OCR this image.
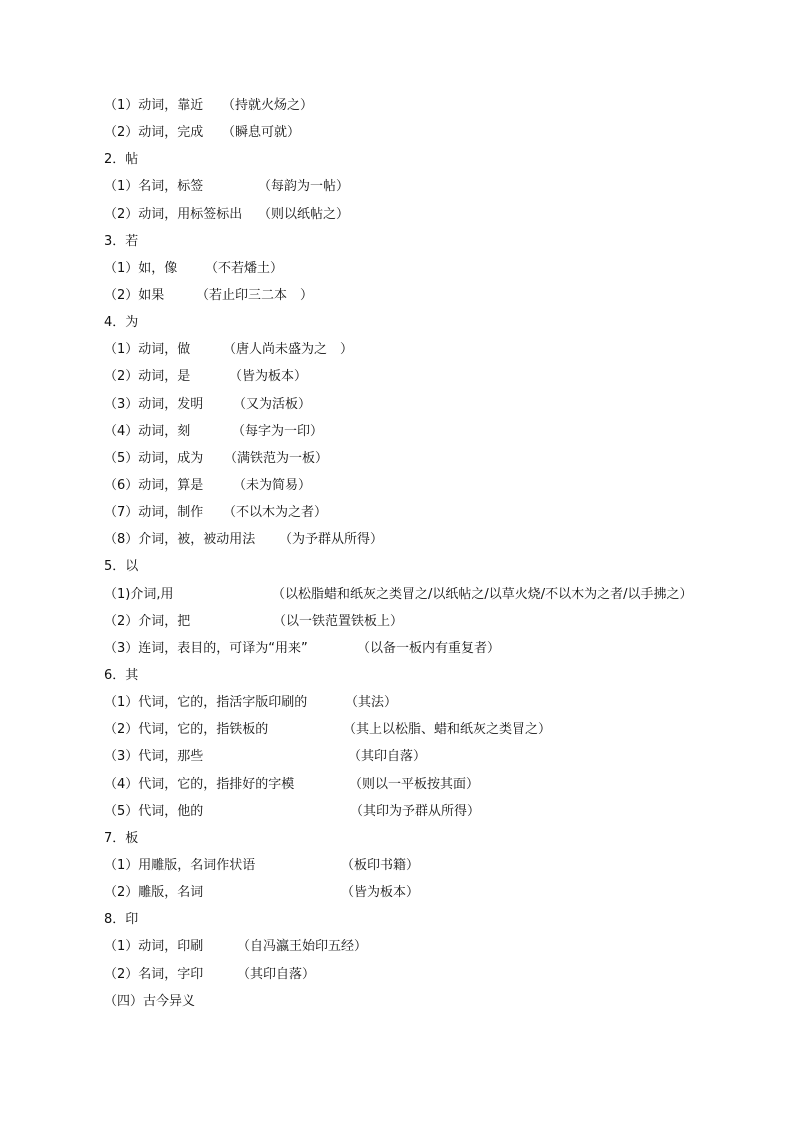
（1）动词，靠近 （持就火炀之）
（2）动词，完成 （瞬息可就）
2．帖
（1）名词，标签	（每韵为一帖）
（2）动词，用标签标出 （则以纸帖之）
3．若
（1）如，像 （不若燔土）
（2）如果 （若止印三二本　）
4．为
（1）动词，做	（唐人尚未盛为之　）
（2）动词，是	（皆为板本）
（3）动词，发明 （又为活板）
（4）动词，刻	（每字为一印）
（5）动词，成为 （满铁范为一板）
（6）动词，算是 （未为简易）
（7）动词，制作 （不以木为之者）
（8）介词，被，被动用法 （为予群从所得）
5．以
（1)介词,用	（以松脂蜡和纸灰之类冒之/以纸帖之/以草火烧/不以木为之者/以手拂之）
（2）介词，把	（以一铁范置铁板上）
（3）连词，表目的，可译为“用来”	（以备一板内有重复者）
6．其
（1）代词，它的，指活字版印刷的	（其法）
（2）代词，它的，指铁板的	（其上以松脂、蜡和纸灰之类冒之）
（3）代词，那些	（其印自落）
（4）代词，它的，指排好的字模	（则以一平板按其面）
（5）代词，他的	（其印为予群从所得）
7．板
（1）用雕版，名词作状语	（板印书籍）
（2）雕版，名词	（皆为板本）
8．印
（1）动词，印刷	（自冯瀛王始印五经）
（2）名词，字印	（其印自落）
（四）古今异义
